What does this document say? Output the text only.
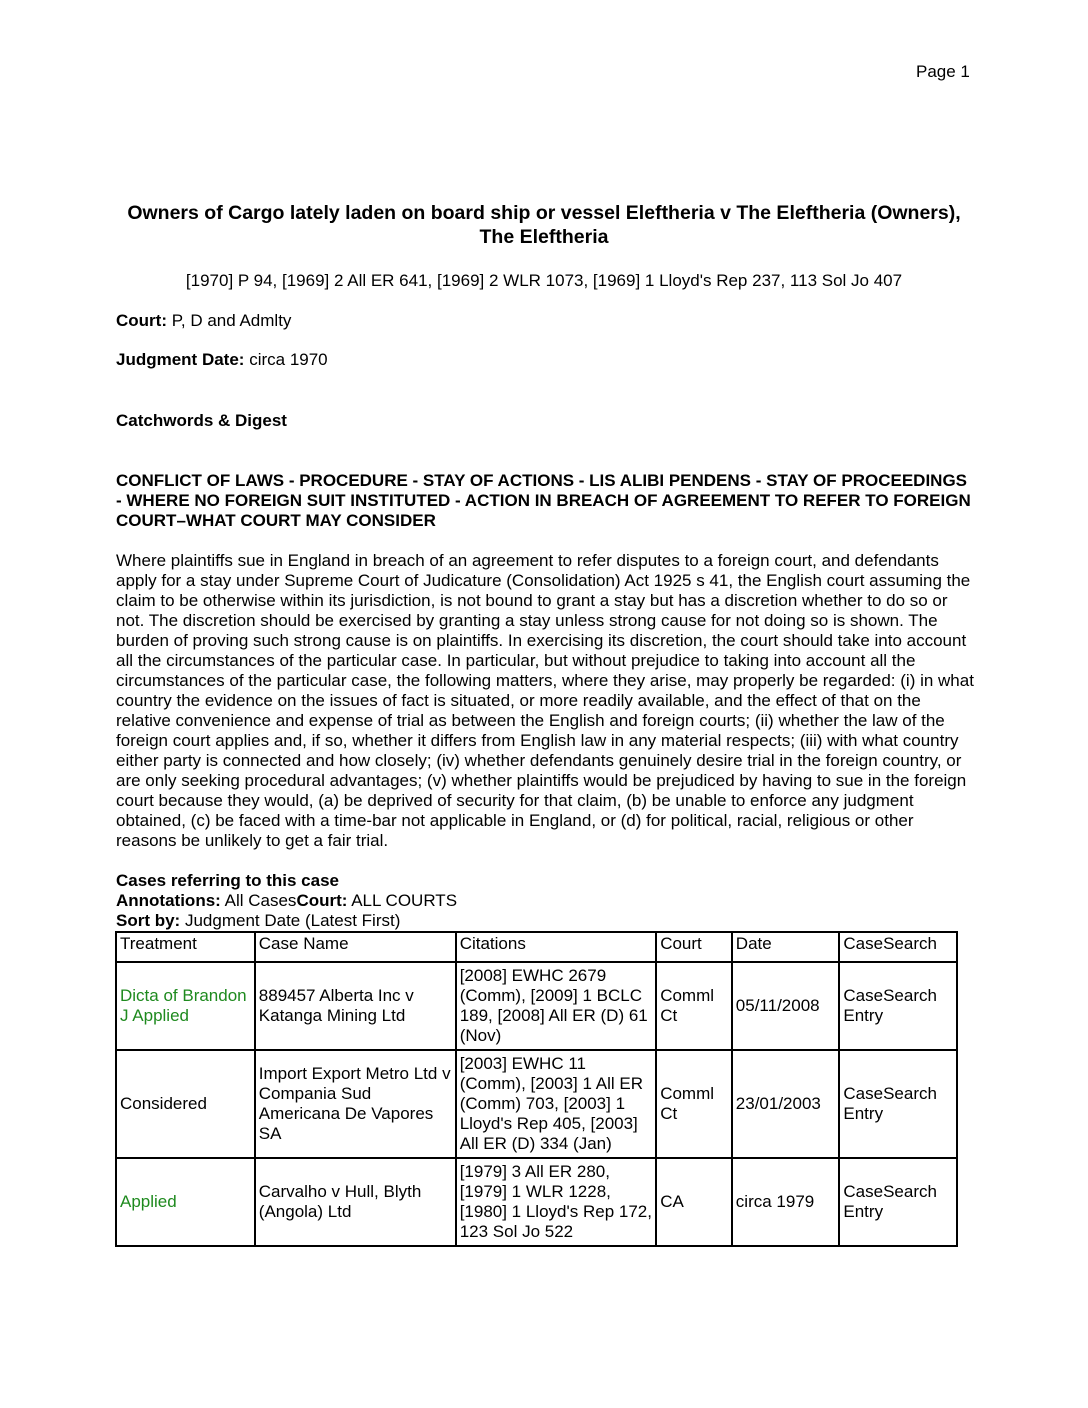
Page 1
Owners of Cargo lately laden on board ship or vessel Eleftheria v The Eleftheria (Owners), The Eleftheria
[1970] P 94, [1969] 2 All ER 641, [1969] 2 WLR 1073, [1969] 1 Lloyd's Rep 237, 113 Sol Jo 407
Court: P, D and Admlty
Judgment Date: circa 1970
Catchwords & Digest
CONFLICT OF LAWS - PROCEDURE - STAY OF ACTIONS - LIS ALIBI PENDENS - STAY OF PROCEEDINGS - WHERE NO FOREIGN SUIT INSTITUTED - ACTION IN BREACH OF AGREEMENT TO REFER TO FOREIGN COURT–WHAT COURT MAY CONSIDER
Where plaintiffs sue in England in breach of an agreement to refer disputes to a foreign court, and defendants apply for a stay under Supreme Court of Judicature (Consolidation) Act 1925 s 41, the English court assuming the claim to be otherwise within its jurisdiction, is not bound to grant a stay but has a discretion whether to do so or not. The discretion should be exercised by granting a stay unless strong cause for not doing so is shown. The burden of proving such strong cause is on plaintiffs. In exercising its discretion, the court should take into account all the circumstances of the particular case. In particular, but without prejudice to taking into account all the circumstances of the particular case, the following matters, where they arise, may properly be regarded: (i) in what country the evidence on the issues of fact is situated, or more readily available, and the effect of that on the relative convenience and expense of trial as between the English and foreign courts; (ii) whether the law of the foreign court applies and, if so, whether it differs from English law in any material respects; (iii) with what country either party is connected and how closely; (iv) whether defendants genuinely desire trial in the foreign country, or are only seeking procedural advantages; (v) whether plaintiffs would be prejudiced by having to sue in the foreign court because they would, (a) be deprived of security for that claim, (b) be unable to enforce any judgment obtained, (c) be faced with a time-bar not applicable in England, or (d) for political, racial, religious or other reasons be unlikely to get a fair trial.
Cases referring to this case
Annotations: All CasesCourt: ALL COURTS
Sort by: Judgment Date (Latest First)
Treatment	Case Name	Citations	Court	Date	CaseSearch
Dicta of Brandon J Applied	889457 Alberta Inc v Katanga Mining Ltd	[2008] EWHC 2679 (Comm), [2009] 1 BCLC 189, [2008] All ER (D) 61 (Nov)	Comml Ct	05/11/2008	CaseSearch Entry
Considered	Import Export Metro Ltd v Compania Sud Americana De Vapores SA	[2003] EWHC 11 (Comm), [2003] 1 All ER (Comm) 703, [2003] 1 Lloyd's Rep 405, [2003] All ER (D) 334 (Jan)	Comml Ct	23/01/2003	CaseSearch Entry
Applied	Carvalho v Hull, Blyth (Angola) Ltd	[1979] 3 All ER 280, [1979] 1 WLR 1228, [1980] 1 Lloyd's Rep 172, 123 Sol Jo 522	CA	circa 1979	CaseSearch Entry
